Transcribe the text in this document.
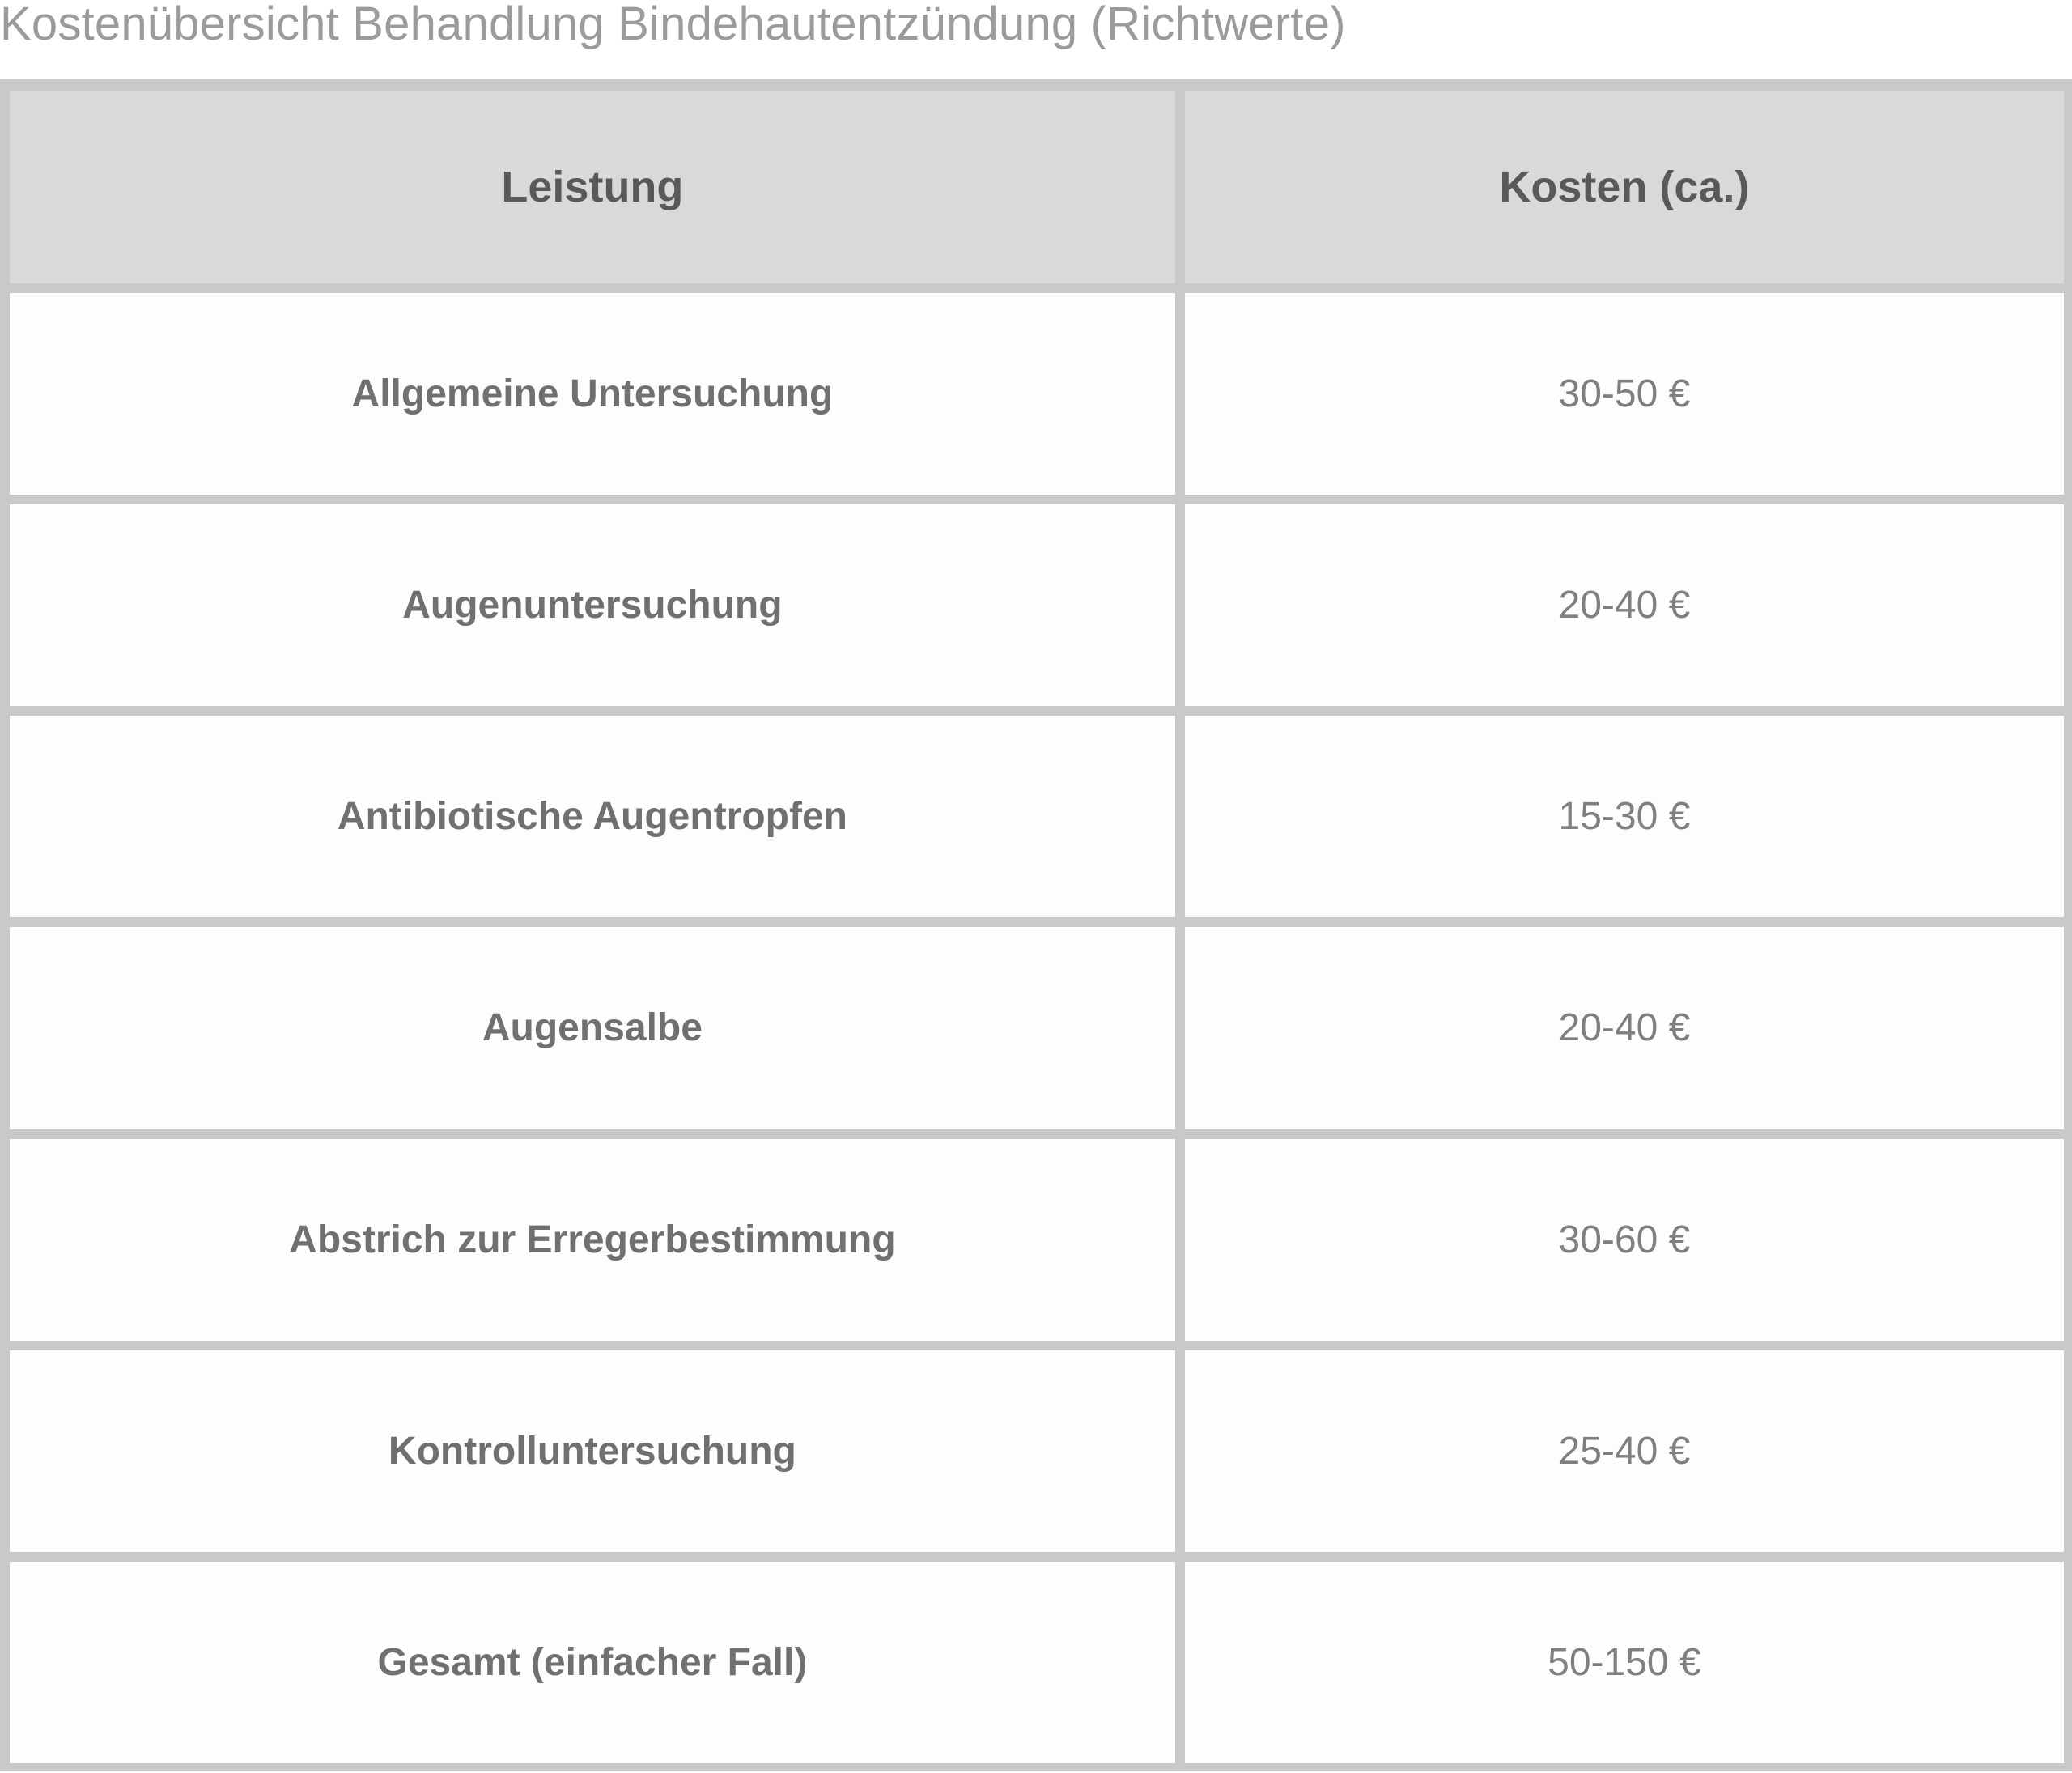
Kostenübersicht Behandlung Bindehautentzündung (Richtwerte)
Leistung	Kosten (ca.)
Allgemeine Untersuchung	30-50 €
Augenuntersuchung	20-40 €
Antibiotische Augentropfen	15-30 €
Augensalbe	20-40 €
Abstrich zur Erregerbestimmung	30-60 €
Kontrolluntersuchung	25-40 €
Gesamt (einfacher Fall)	50-150 €
